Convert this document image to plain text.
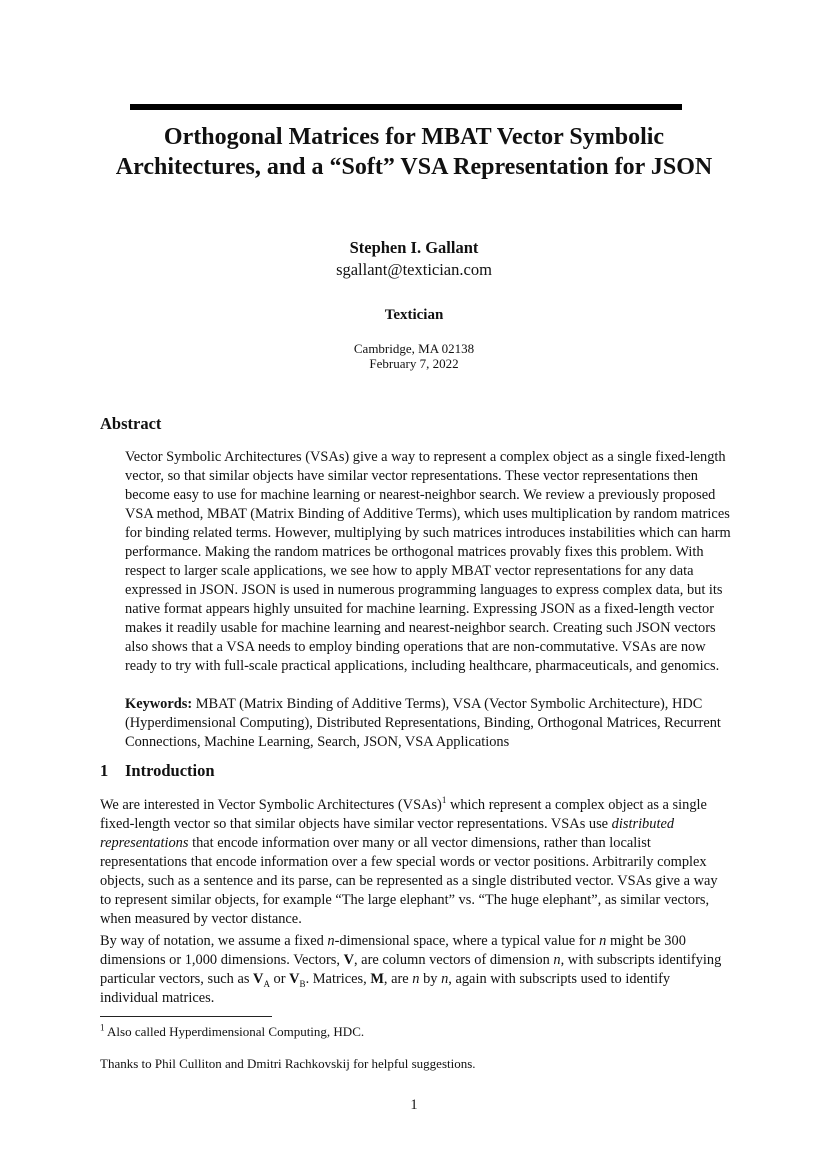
Orthogonal Matrices for MBAT Vector Symbolic
Architectures, and a “Soft” VSA Representation for JSON
Stephen I. Gallant
sgallant@textician.com
Textician
Cambridge, MA 02138
February 7, 2022
Abstract

Vector Symbolic Architectures (VSAs) give a way to represent a complex object as a single fixed-length vector, so that similar objects have similar vector representations. These vector representations then become easy to use for machine learning or nearest-neighbor search. We review a previously proposed VSA method, MBAT (Matrix Binding of Additive Terms), which uses multiplication by random matrices for binding related terms. However, multiplying by such matrices introduces instabilities which can harm performance. Making the random matrices be orthogonal matrices provably fixes this problem. With respect to larger scale applications, we see how to apply MBAT vector representations for any data expressed in JSON. JSON is used in numerous programming languages to express complex data, but its native format appears highly unsuited for machine learning. Expressing JSON as a fixed-length vector makes it readily usable for machine learning and nearest-neighbor search. Creating such JSON vectors also shows that a VSA needs to employ binding operations that are non-commutative. VSAs are now ready to try with full-scale practical applications, including healthcare, pharmaceuticals, and genomics.

Keywords: MBAT (Matrix Binding of Additive Terms), VSA (Vector Symbolic Architecture), HDC (Hyperdimensional Computing), Distributed Representations, Binding, Orthogonal Matrices, Recurrent Connections, Machine Learning, Search, JSON, VSA Applications

1 Introduction

We are interested in Vector Symbolic Architectures (VSAs)$^1$ which represent a complex object as a single fixed-length vector so that similar objects have similar vector representations. VSAs use distributed representations that encode information over many or all vector dimensions, rather than localist representations that encode information over a few special words or vector positions. Arbitrarily complex objects, such as a sentence and its parse, can be represented as a single distributed vector. VSAs give a way to represent similar objects, for example “The large elephant” vs. “The huge elephant”, as similar vectors, when measured by vector distance.

By way of notation, we assume a fixed n-dimensional space, where a typical value for n might be 300 dimensions or 1,000 dimensions. Vectors, V, are column vectors of dimension n, with subscripts identifying particular vectors, such as $V_A$ or $V_B$. Matrices, M, are n by n, again with subscripts used to identify individual matrices.

$^1$ Also called Hyperdimensional Computing, HDC.
Thanks to Phil Culliton and Dmitri Rachkovskij for helpful suggestions.
1
